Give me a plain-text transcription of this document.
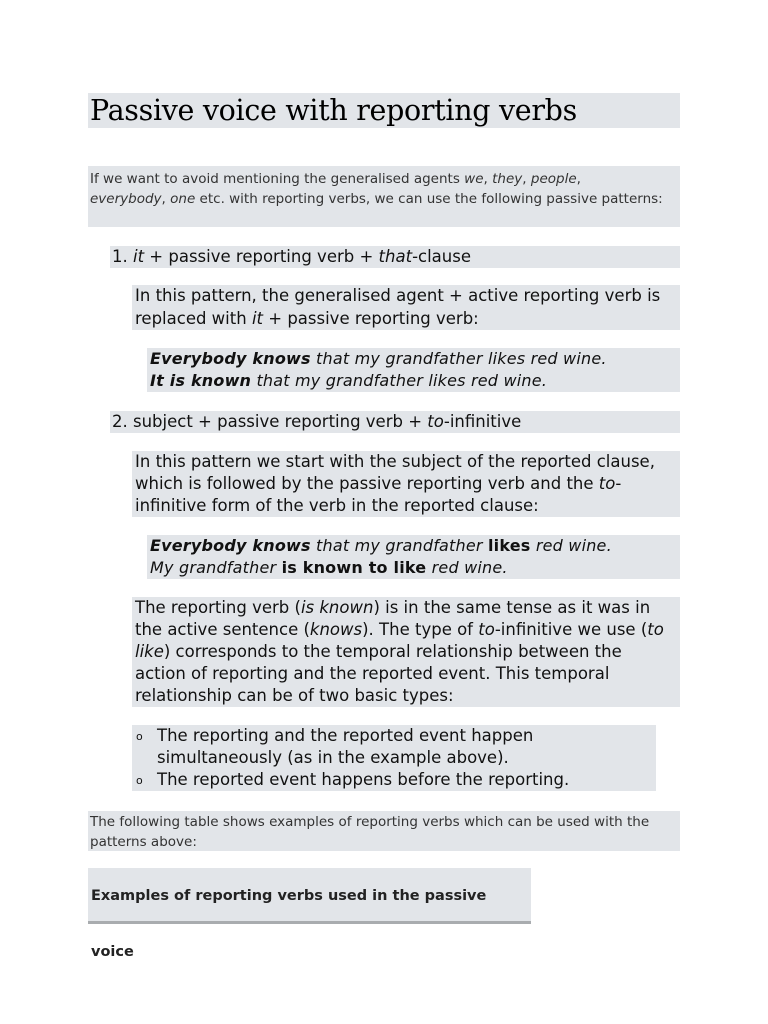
Passive voice with reporting verbs
If we want to avoid mentioning the generalised agents we, they, people,
everybody, one etc. with reporting verbs, we can use the following passive patterns:
1. it + passive reporting verb + that-clause
In this pattern, the generalised agent + active reporting verb is replaced with it + passive reporting verb:
Everybody knows that my grandfather likes red wine.
It is known that my grandfather likes red wine.
2. subject + passive reporting verb + to-infinitive
In this pattern we start with the subject of the reported clause, which is followed by the passive reporting verb and the to-infinitive form of the verb in the reported clause:
Everybody knows that my grandfather likes red wine.
My grandfather is known to like red wine.
The reporting verb (is known) is in the same tense as it was in the active sentence (knows). The type of to-infinitive we use (to like) corresponds to the temporal relationship between the action of reporting and the reported event. This temporal relationship can be of two basic types:
o The reporting and the reported event happen simultaneously (as in the example above).
o The reported event happens before the reporting.
The following table shows examples of reporting verbs which can be used with the patterns above:
Examples of reporting verbs used in the passive voice
